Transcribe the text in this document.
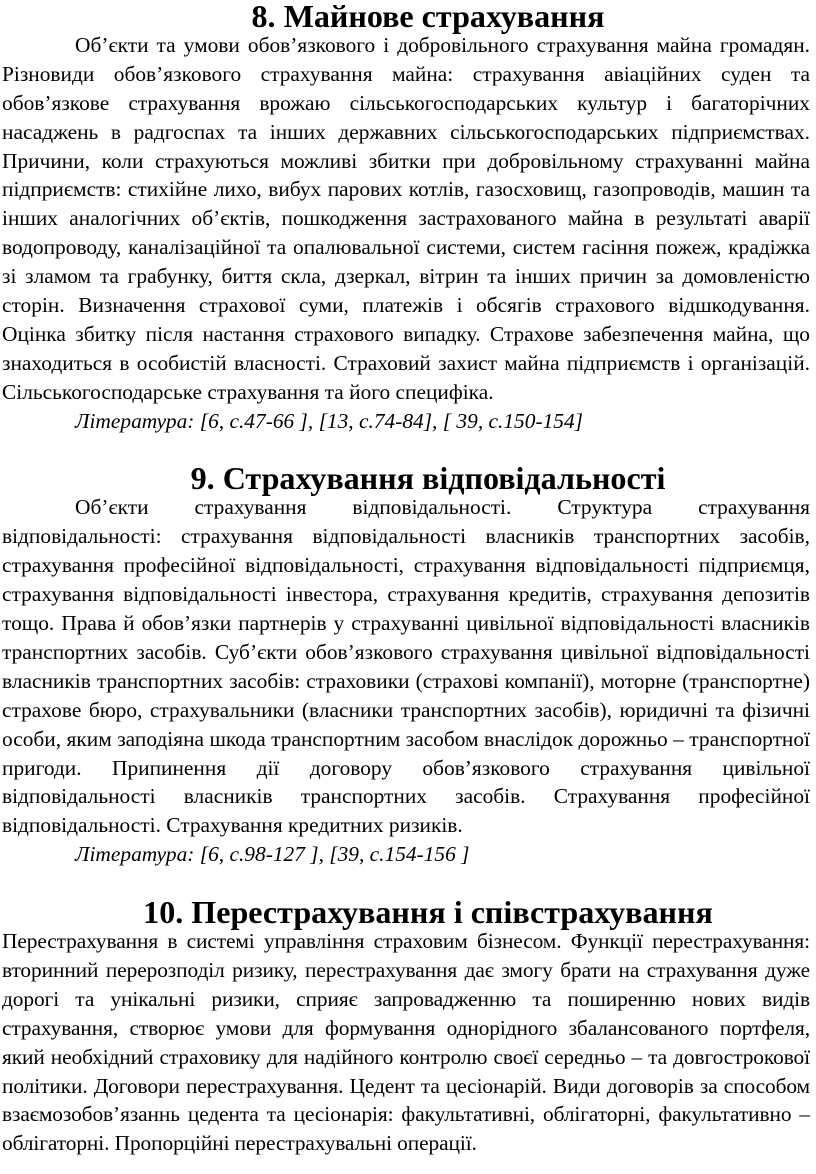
8. Майнове страхування

Об’єкти та умови обов’язкового і добровільного страхування майна громадян. Різновиди обов’язкового страхування майна: страхування авіаційних суден та обов’язкове страхування врожаю сільськогосподарських культур і багаторічних насаджень в радгоспах та інших державних сільськогосподарських підприємствах. Причини, коли страхуються можливі збитки при добровільному страхуванні майна підприємств: стихійне лихо, вибух парових котлів, газосховищ, газопроводів, машин та інших аналогічних об’єктів, пошкодження застрахованого майна в результаті аварії водопроводу, каналізаційної та опалювальної системи, систем гасіння пожеж, крадіжка зі зламом та грабунку, биття скла, дзеркал, вітрин та інших причин за домовленістю сторін. Визначення страхової суми, платежів і обсягів страхового відшкодування. Оцінка збитку після настання страхового випадку. Страхове забезпечення майна, що знаходиться в особистій власності. Страховий захист майна підприємств і організацій. Сільськогосподарське страхування та його специфіка.

Література: [6, с.47-66 ], [13, с.74-84], [ 39, с.150-154]

9. Страхування відповідальності

Об’єкти страхування відповідальності. Структура страхування відповідальності: страхування відповідальності власників транспортних засобів, страхування професійної відповідальності, страхування відповідальності підприємця, страхування відповідальності інвестора, страхування кредитів, страхування депозитів тощо. Права й обов’язки партнерів у страхуванні цивільної відповідальності власників транспортних засобів. Суб’єкти обов’язкового страхування цивільної відповідальності власників транспортних засобів: страховики (страхові компанії), моторне (транспортне) страхове бюро, страхувальники (власники транспортних засобів), юридичні та фізичні особи, яким заподіяна шкода транспортним засобом внаслідок дорожньо – транспортної пригоди. Припинення дії договору обов’язкового страхування цивільної відповідальності власників транспортних засобів. Страхування професійної відповідальності. Страхування кредитних ризиків.

Література: [6, с.98-127 ], [39, с.154-156 ]

10. Перестрахування і співстрахування

Перестрахування в системі управління страховим бізнесом. Функції перестрахування: вторинний перерозподіл ризику, перестрахування дає змогу брати на страхування дуже дорогі та унікальні ризики, сприяє запровадженню та поширенню нових видів страхування, створює умови для формування однорідного збалансованого портфеля, який необхідний страховику для надійного контролю своєї середньо – та довгострокової політики. Договори перестрахування. Цедент та цесіонарій. Види договорів за способом взаємозобов’язаннь цедента та цесіонарія: факультативні, облігаторні, факультативно – облігаторні. Пропорційні перестрахувальні операції.
